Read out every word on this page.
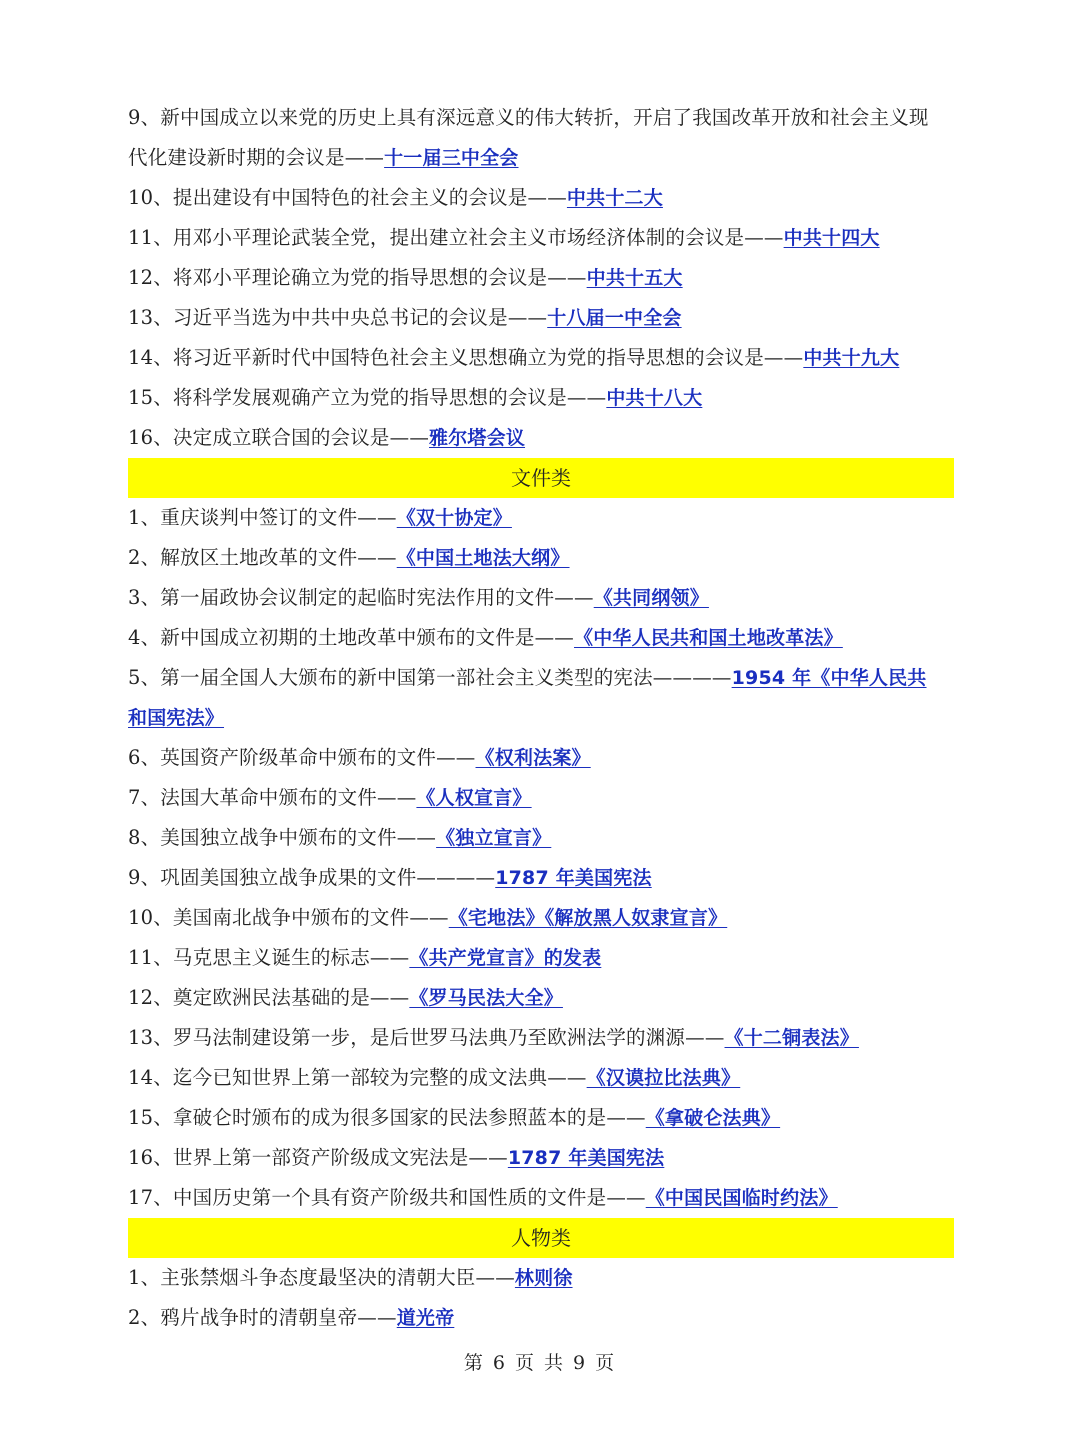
9、新中国成立以来党的历史上具有深远意义的伟大转折，开启了我国改革开放和社会主义现
代化建设新时期的会议是——十一届三中全会
10、提出建设有中国特色的社会主义的会议是——中共十二大
11、用邓小平理论武装全党，提出建立社会主义市场经济体制的会议是——中共十四大
12、将邓小平理论确立为党的指导思想的会议是——中共十五大
13、习近平当选为中共中央总书记的会议是——十八届一中全会
14、将习近平新时代中国特色社会主义思想确立为党的指导思想的会议是——中共十九大
15、将科学发展观确产立为党的指导思想的会议是——中共十八大
16、决定成立联合国的会议是——雅尔塔会议
文件类
1、重庆谈判中签订的文件——《双十协定》
2、解放区土地改革的文件——《中国土地法大纲》
3、第一届政协会议制定的起临时宪法作用的文件——《共同纲领》
4、新中国成立初期的土地改革中颁布的文件是——《中华人民共和国土地改革法》
5、第一届全国人大颁布的新中国第一部社会主义类型的宪法————1954 年《中华人民共
和国宪法》
6、英国资产阶级革命中颁布的文件——《权利法案》
7、法国大革命中颁布的文件——《人权宣言》
8、美国独立战争中颁布的文件——《独立宣言》
9、巩固美国独立战争成果的文件————1787 年美国宪法
10、美国南北战争中颁布的文件——《宅地法》《解放黑人奴隶宣言》
11、马克思主义诞生的标志——《共产党宣言》的发表
12、奠定欧洲民法基础的是——《罗马民法大全》
13、罗马法制建设第一步，是后世罗马法典乃至欧洲法学的渊源——《十二铜表法》
14、迄今已知世界上第一部较为完整的成文法典——《汉谟拉比法典》
15、拿破仑时颁布的成为很多国家的民法参照蓝本的是——《拿破仑法典》
16、世界上第一部资产阶级成文宪法是——1787 年美国宪法
17、中国历史第一个具有资产阶级共和国性质的文件是——《中国民国临时约法》
人物类
1、主张禁烟斗争态度最坚决的清朝大臣——林则徐
2、鸦片战争时的清朝皇帝——道光帝
第 6 页 共 9 页
